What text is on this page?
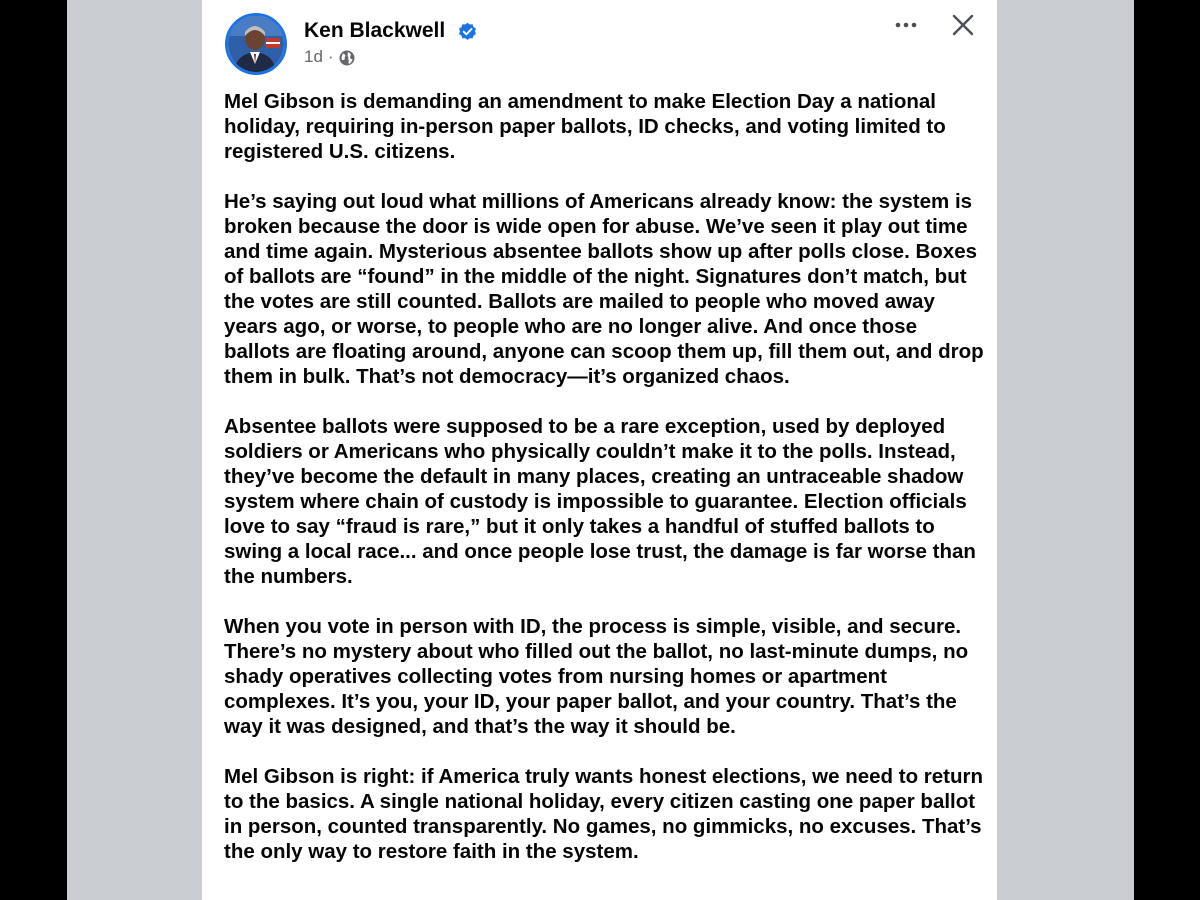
Ken Blackwell
1d ·

Mel Gibson is demanding an amendment to make Election Day a national holiday, requiring in-person paper ballots, ID checks, and voting limited to registered U.S. citizens.

He’s saying out loud what millions of Americans already know: the system is broken because the door is wide open for abuse. We’ve seen it play out time and time again. Mysterious absentee ballots show up after polls close. Boxes of ballots are “found” in the middle of the night. Signatures don’t match, but the votes are still counted. Ballots are mailed to people who moved away years ago, or worse, to people who are no longer alive. And once those ballots are floating around, anyone can scoop them up, fill them out, and drop them in bulk. That’s not democracy—it’s organized chaos.

Absentee ballots were supposed to be a rare exception, used by deployed soldiers or Americans who physically couldn’t make it to the polls. Instead, they’ve become the default in many places, creating an untraceable shadow system where chain of custody is impossible to guarantee. Election officials love to say “fraud is rare,” but it only takes a handful of stuffed ballots to swing a local race... and once people lose trust, the damage is far worse than the numbers.

When you vote in person with ID, the process is simple, visible, and secure. There’s no mystery about who filled out the ballot, no last-minute dumps, no shady operatives collecting votes from nursing homes or apartment complexes. It’s you, your ID, your paper ballot, and your country. That’s the way it was designed, and that’s the way it should be.

Mel Gibson is right: if America truly wants honest elections, we need to return to the basics. A single national holiday, every citizen casting one paper ballot in person, counted transparently. No games, no gimmicks, no excuses. That’s the only way to restore faith in the system.
